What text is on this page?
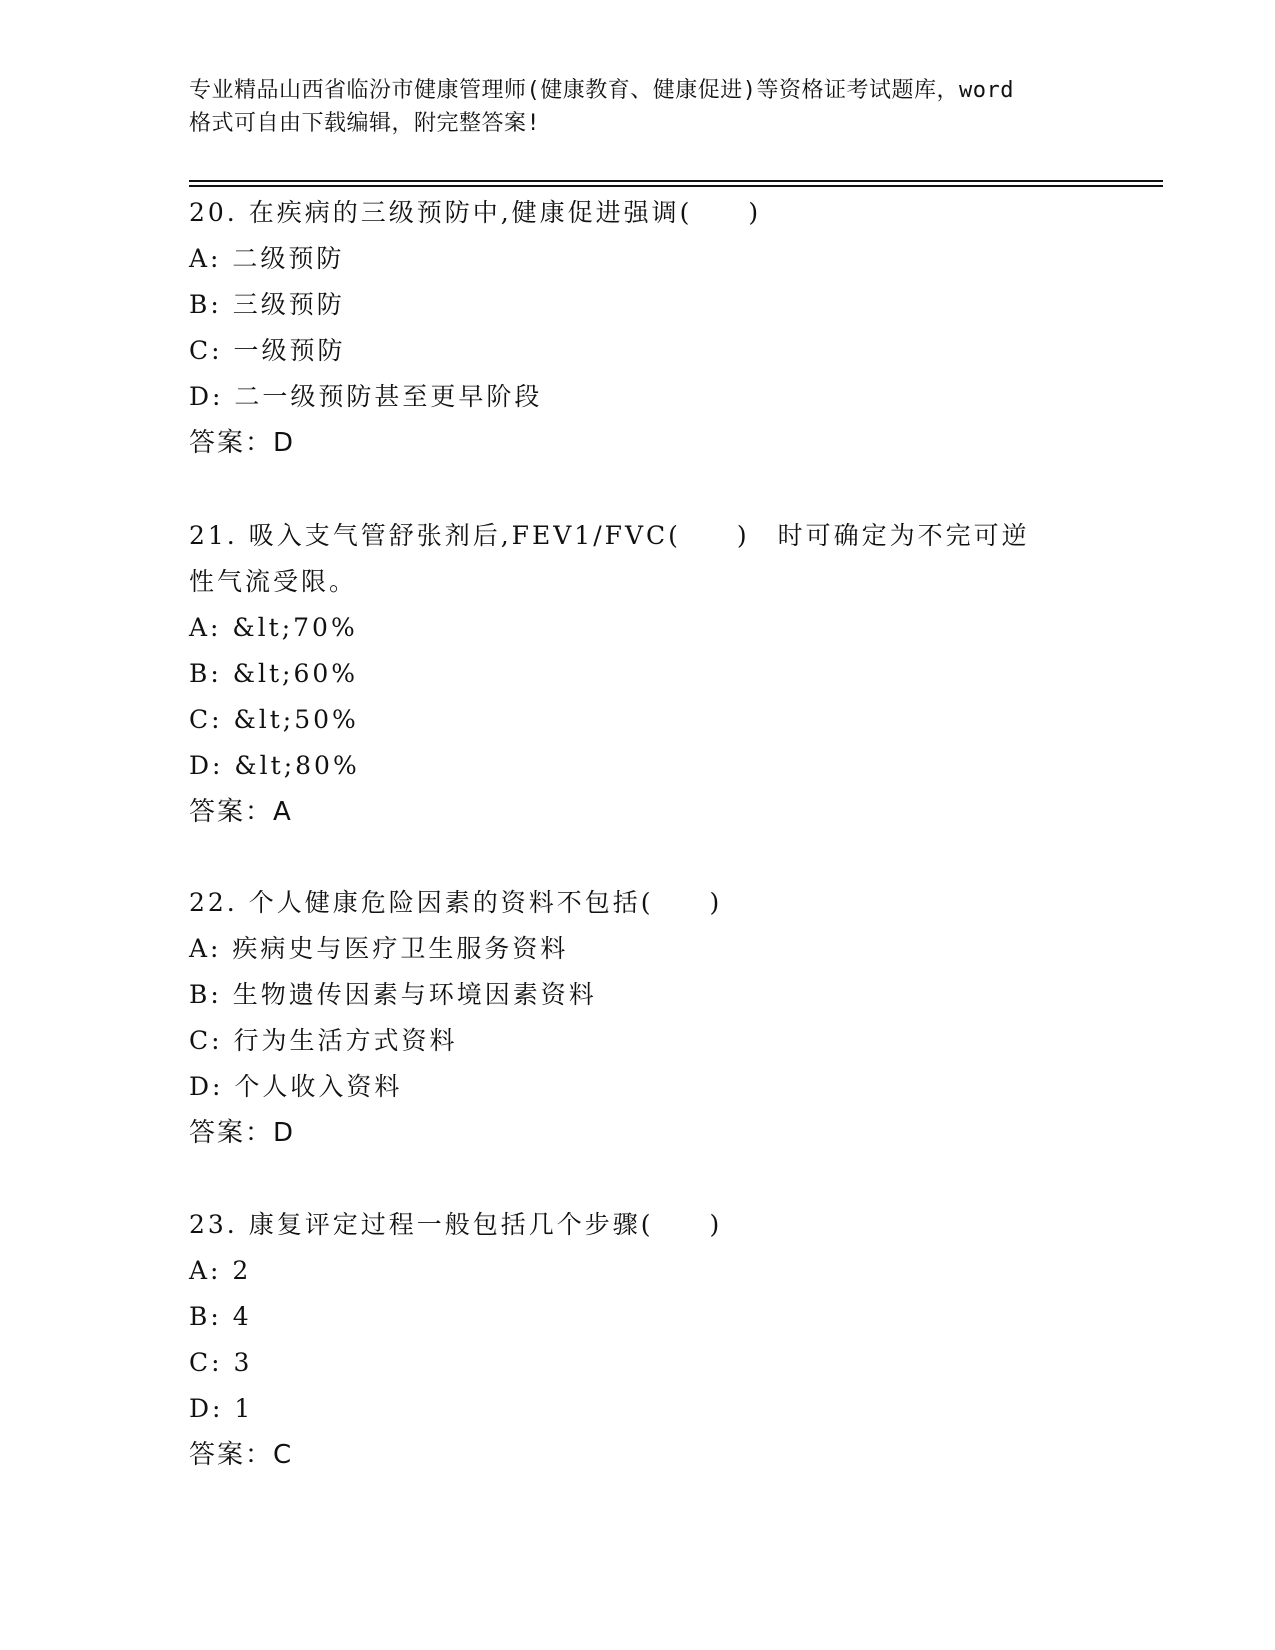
专业精品山西省临汾市健康管理师(健康教育、健康促进)等资格证考试题库，word
格式可自由下载编辑，附完整答案!
20. 在疾病的三级预防中,健康促进强调(　　)
A: 二级预防
B: 三级预防
C: 一级预防
D: 二一级预防甚至更早阶段
答案：D
21. 吸入支气管舒张剂后,FEV1/FVC(　　)　时可确定为不完可逆性气流受限。
A: &lt;70%
B: &lt;60%
C: &lt;50%
D: &lt;80%
答案：A
22. 个人健康危险因素的资料不包括(　　)
A: 疾病史与医疗卫生服务资料
B: 生物遗传因素与环境因素资料
C: 行为生活方式资料
D: 个人收入资料
答案：D
23. 康复评定过程一般包括几个步骤(　　)
A: 2
B: 4
C: 3
D: 1
答案：C
